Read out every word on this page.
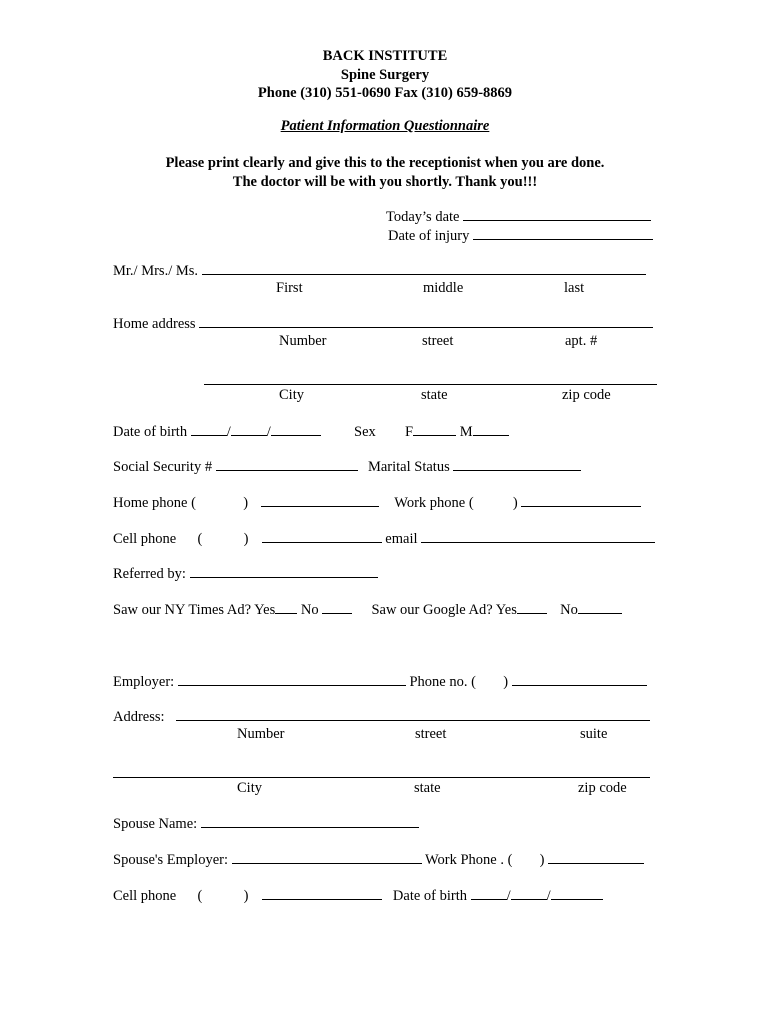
BACK INSTITUTE
Spine Surgery
Phone (310) 551-0690 Fax (310) 659-8869
Patient Information Questionnaire
Please print clearly and give this to the receptionist when you are done.
The doctor will be with you shortly. Thank you!!!
Today’s date
Date of injury
Mr./ Mrs./ Ms.
First	middle	last
Home address
Number	street	apt. #
City	state	zip code
Date of birth	/ /	Sex F	M
Social Security #	Marital Status
Home phone (	)	Work phone (	)
Cell phone (	)	email
Referred by:
Saw our NY Times Ad? Yes No	Saw our Google Ad? Yes	No
Employer:	Phone no. ( )
Address:
Number	street	suite
City	state	zip code
Spouse Name:
Spouse's Employer:	Work Phone . ( )
Cell phone (	)	Date of birth	/ /
